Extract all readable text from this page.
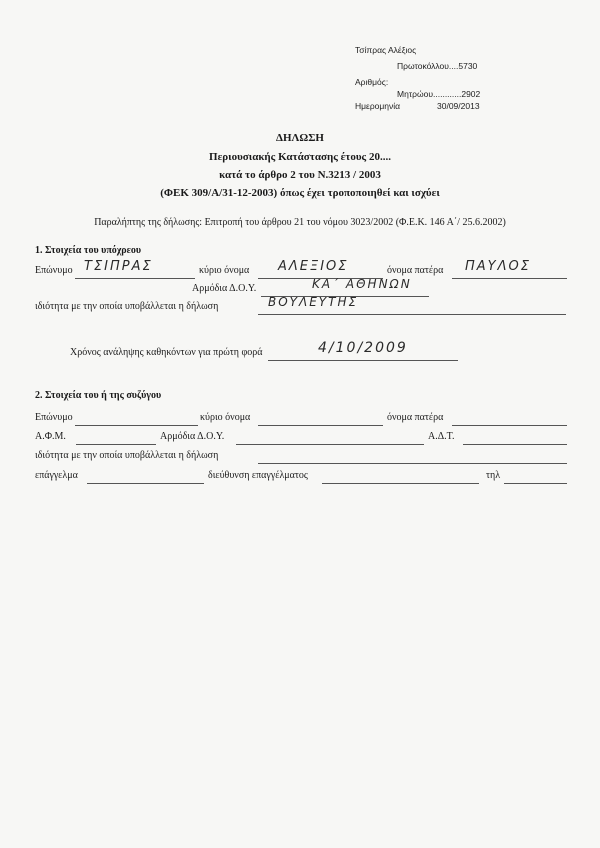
Τσίπρας Αλέξιος
Πρωτοκόλλου....5730
Αριθμός:
Μητρώου............2902
Ημερομηνία	30/09/2013
ΔΗΛΩΣΗ
Περιουσιακής Κατάστασης έτους 20....
κατά το άρθρο 2 του Ν.3213 / 2003
(ΦΕΚ 309/Α/31-12-2003) όπως έχει τροποποιηθεί και ισχύει
Παραλήπτης της δήλωσης: Επιτροπή του άρθρου 21 του νόμου 3023/2002 (Φ.Ε.Κ. 146 Α΄/ 25.6.2002)
1. Στοιχεία του υπόχρεου
Επώνυμο ΤΣΙΠΡΑΣ	κύριο όνομα ΑΛΕΞΙΟΣ	όνομα πατέρα ΠΑΥΛΟΣ
Αρμόδια Δ.Ο.Υ.	ΚΑ΄ ΑΘΗΝΩΝ
ιδιότητα με την οποία υποβάλλεται η δήλωση	ΒΟΥΛΕΥΤΗΣ
Χρόνος ανάληψης καθηκόντων για πρώτη φορά	4/10/2009
2. Στοιχεία του ή της συζύγου
Επώνυμο	κύριο όνομα	όνομα πατέρα
Α.Φ.Μ.	Αρμόδια Δ.Ο.Υ.	Α.Δ.Τ.
ιδιότητα με την οποία υποβάλλεται η δήλωση
επάγγελμα	διεύθυνση επαγγέλματος	τηλ
